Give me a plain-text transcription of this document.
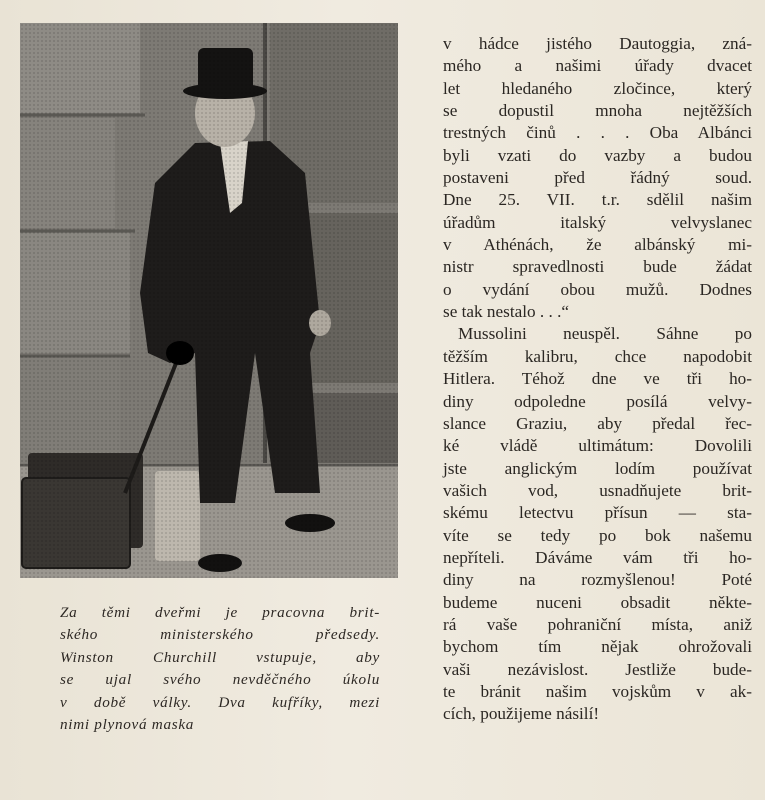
Za těmi dveřmi je pracovna brit-
ského ministerského předsedy.
Winston Churchill vstupuje, aby
se ujal svého nevděčného úkolu
v době války. Dva kufříky, mezi
nimi plynová maska
v hádce jistého Dautoggia, zná-
mého a našimi úřady dvacet
let hledaného zločince, který
se dopustil mnoha nejtěžších
trestných činů . . . Oba Albánci
byli vzati do vazby a budou
postaveni před řádný soud.
Dne 25. VII. t.r. sdělil našim
úřadům italský velvyslanec
v Athénách, že albánský mi-
nistr spravedlnosti bude žádat
o vydání obou mužů. Dodnes
se tak nestalo . . .“
Mussolini neuspěl. Sáhne po
těžším kalibru, chce napodobit
Hitlera. Téhož dne ve tři ho-
diny odpoledne posílá velvy-
slance Graziu, aby předal řec-
ké vládě ultimátum: Dovolili
jste anglickým lodím používat
vašich vod, usnadňujete brit-
skému letectvu přísun — sta-
víte se tedy po bok našemu
nepříteli. Dáváme vám tři ho-
diny na rozmyšlenou! Poté
budeme nuceni obsadit někte-
rá vaše pohraniční místa, aniž
bychom tím nějak ohrožovali
vaši nezávislost. Jestliže bude-
te bránit našim vojskům v ak-
cích, použijeme násilí!
